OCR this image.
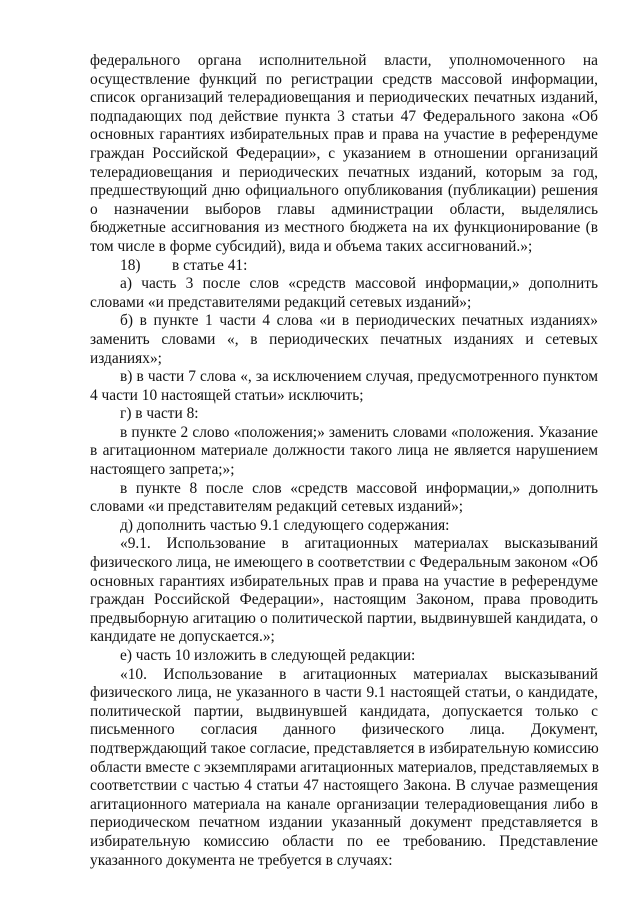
федерального органа исполнительной власти, уполномоченного на
осуществление функций по регистрации средств массовой информации,
список организаций телерадиовещания и периодических печатных изданий,
подпадающих под действие пункта 3 статьи 47 Федерального закона «Об
основных гарантиях избирательных прав и права на участие в референдуме
граждан Российской Федерации», с указанием в отношении организаций
телерадиовещания и периодических печатных изданий, которым за год,
предшествующий дню официального опубликования (публикации) решения
о назначении выборов главы администрации области, выделялись
бюджетные ассигнования из местного бюджета на их функционирование (в
том числе в форме субсидий), вида и объема таких ассигнований.»;
18) в статье 41:
а) часть 3 после слов «средств массовой информации,» дополнить
словами «и представителями редакций сетевых изданий»;
б) в пункте 1 части 4 слова «и в периодических печатных изданиях»
заменить словами «, в периодических печатных изданиях и сетевых
изданиях»;
в) в части 7 слова «, за исключением случая, предусмотренного пунктом
4 части 10 настоящей статьи» исключить;
г) в части 8:
в пункте 2 слово «положения;» заменить словами «положения. Указание
в агитационном материале должности такого лица не является нарушением
настоящего запрета;»;
в пункте 8 после слов «средств массовой информации,» дополнить
словами «и представителям редакций сетевых изданий»;
д) дополнить частью 9.1 следующего содержания:
«9.1. Использование в агитационных материалах высказываний
физического лица, не имеющего в соответствии с Федеральным законом «Об
основных гарантиях избирательных прав и права на участие в референдуме
граждан Российской Федерации», настоящим Законом, права проводить
предвыборную агитацию о политической партии, выдвинувшей кандидата, о
кандидате не допускается.»;
е) часть 10 изложить в следующей редакции:
«10. Использование в агитационных материалах высказываний
физического лица, не указанного в части 9.1 настоящей статьи, о кандидате,
политической партии, выдвинувшей кандидата, допускается только с
письменного согласия данного физического лица. Документ,
подтверждающий такое согласие, представляется в избирательную комиссию
области вместе с экземплярами агитационных материалов, представляемых в
соответствии с частью 4 статьи 47 настоящего Закона. В случае размещения
агитационного материала на канале организации телерадиовещания либо в
периодическом печатном издании указанный документ представляется в
избирательную комиссию области по ее требованию. Представление
указанного документа не требуется в случаях:
